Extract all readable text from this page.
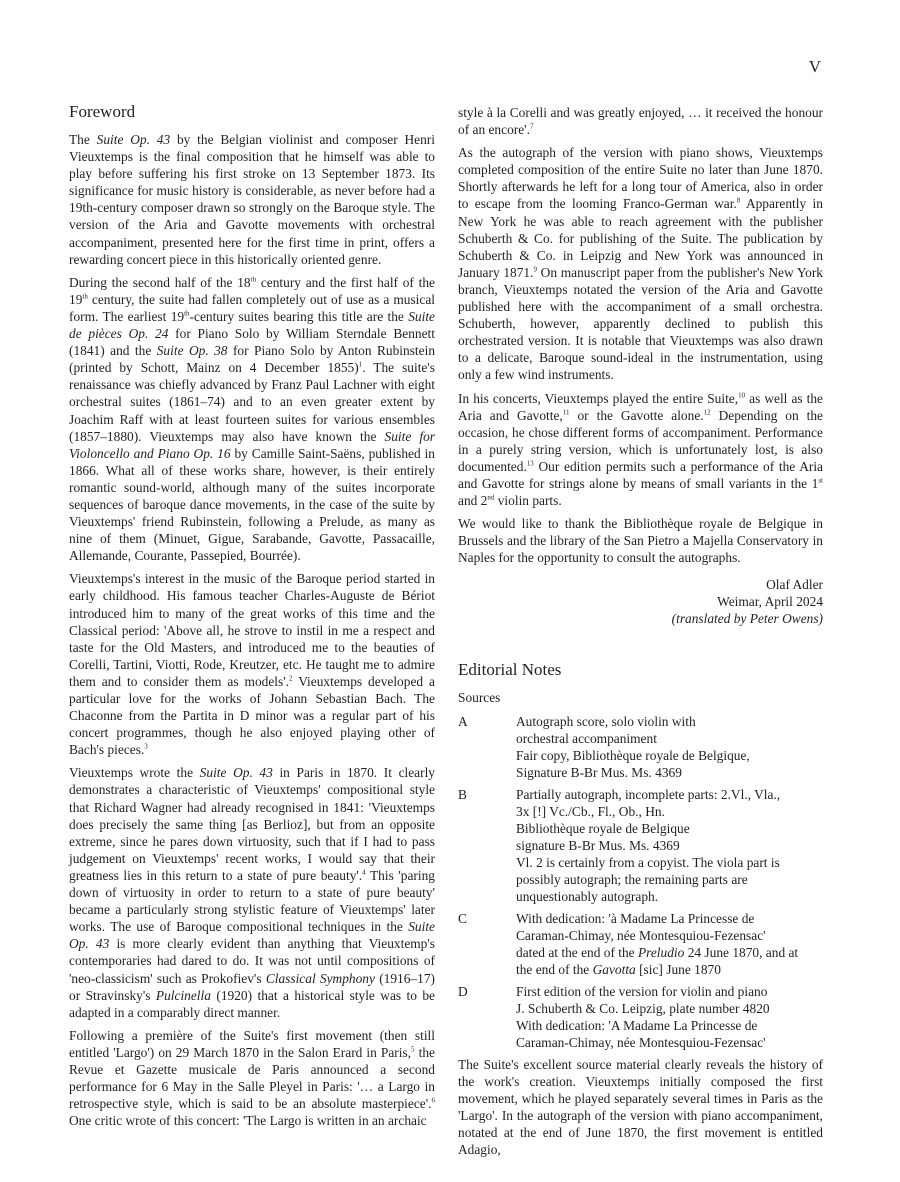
V
Foreword

The Suite Op. 43 by the Belgian violinist and composer Henri Vieuxtemps is the final composition that he himself was able to play before suffering his first stroke on 13 September 1873. Its significance for music history is considerable, as never before had a 19th-century composer drawn so strongly on the Baroque style. The version of the Aria and Gavotte movements with orchestral accompaniment, presented here for the first time in print, offers a rewarding concert piece in this historically oriented genre.

During the second half of the 18th century and the first half of the 19th century, the suite had fallen completely out of use as a musical form. The earliest 19th-century suites bearing this title are the Suite de pièces Op. 24 for Piano Solo by William Sterndale Bennett (1841) and the Suite Op. 38 for Piano Solo by Anton Rubinstein (printed by Schott, Mainz on 4 December 1855)$^1$. The suite's renaissance was chiefly advanced by Franz Paul Lachner with eight orchestral suites (1861–74) and to an even greater extent by Joachim Raff with at least fourteen suites for various ensembles (1857–1880). Vieuxtemps may also have known the Suite for Violoncello and Piano Op. 16 by Camille Saint-Saëns, published in 1866. What all of these works share, however, is their entirely romantic sound-world, although many of the suites incorporate sequences of baroque dance movements, in the case of the suite by Vieuxtemps' friend Rubinstein, following a Prelude, as many as nine of them (Minuet, Gigue, Sarabande, Gavotte, Passacaille, Allemande, Courante, Passepied, Bourrée).

Vieuxtemps's interest in the music of the Baroque period started in early childhood. His famous teacher Charles-Auguste de Bériot introduced him to many of the great works of this time and the Classical period: 'Above all, he strove to instil in me a respect and taste for the Old Masters, and introduced me to the beauties of Corelli, Tartini, Viotti, Rode, Kreutzer, etc. He taught me to admire them and to consider them as models'.$^2$ Vieuxtemps developed a particular love for the works of Johann Sebastian Bach. The Chaconne from the Partita in D minor was a regular part of his concert programmes, though he also enjoyed playing other of Bach's pieces.$^3$

Vieuxtemps wrote the Suite Op. 43 in Paris in 1870. It clearly demonstrates a characteristic of Vieuxtemps' compositional style that Richard Wagner had already recognised in 1841: 'Vieuxtemps does precisely the same thing [as Berlioz], but from an opposite extreme, since he pares down virtuosity, such that if I had to pass judgement on Vieuxtemps' recent works, I would say that their greatness lies in this return to a state of pure beauty'.$^4$ This 'paring down of virtuosity in order to return to a state of pure beauty' became a particularly strong stylistic feature of Vieuxtemps' later works. The use of Baroque compositional techniques in the Suite Op. 43 is more clearly evident than anything that Vieuxtemp's contemporaries had dared to do. It was not until compositions of 'neo-classicism' such as Prokofiev's Classical Symphony (1916–17) or Stravinsky's Pulcinella (1920) that a historical style was to be adapted in a comparably direct manner.

Following a première of the Suite's first movement (then still entitled 'Largo') on 29 March 1870 in the Salon Erard in Paris,$^5$ the Revue et Gazette musicale de Paris announced a second performance for 6 May in the Salle Pleyel in Paris: '… a Largo in retrospective style, which is said to be an absolute masterpiece'.$^6$ One critic wrote of this concert: 'The Largo is written in an archaic

style à la Corelli and was greatly enjoyed, … it received the honour of an encore'.$^7$

As the autograph of the version with piano shows, Vieuxtemps completed composition of the entire Suite no later than June 1870. Shortly afterwards he left for a long tour of America, also in order to escape from the looming Franco-German war.$^8$ Apparently in New York he was able to reach agreement with the publisher Schuberth & Co. for publishing of the Suite. The publication by Schuberth & Co. in Leipzig and New York was announced in January 1871.$^9$ On manuscript paper from the publisher's New York branch, Vieuxtemps notated the version of the Aria and Gavotte published here with the accompaniment of a small orchestra. Schuberth, however, apparently declined to publish this orchestrated version. It is notable that Vieuxtemps was also drawn to a delicate, Baroque sound-ideal in the instrumentation, using only a few wind instruments.

In his concerts, Vieuxtemps played the entire Suite,$^{10}$ as well as the Aria and Gavotte,$^{11}$ or the Gavotte alone.$^{12}$ Depending on the occasion, he chose different forms of accompaniment. Performance in a purely string version, which is unfortunately lost, is also documented.$^{13}$ Our edition permits such a performance of the Aria and Gavotte for strings alone by means of small variants in the 1st and 2nd violin parts.

We would like to thank the Bibliothèque royale de Belgique in Brussels and the library of the San Pietro a Majella Conservatory in Naples for the opportunity to consult the autographs.

Olaf Adler
Weimar, April 2024
(translated by Peter Owens)
Editorial Notes

Sources

A	Autograph score, solo violin with
orchestral accompaniment
Fair copy, Bibliothèque royale de Belgique,
Signature B-Br Mus. Ms. 4369
B	Partially autograph, incomplete parts: 2.Vl., Vla.,
3x [!] Vc./Cb., Fl., Ob., Hn.
Bibliothèque royale de Belgique
signature B-Br Mus. Ms. 4369
Vl. 2 is certainly from a copyist. The viola part is
possibly autograph; the remaining parts are
unquestionably autograph.
C	With dedication: 'à Madame La Princesse de
Caraman-Chimay, née Montesquiou-Fezensac'
dated at the end of the Preludio 24 June 1870, and at
the end of the Gavotta [sic] June 1870
D	First edition of the version for violin and piano
J. Schuberth & Co. Leipzig, plate number 4820
With dedication: 'A Madame La Princesse de
Caraman-Chimay, née Montesquiou-Fezensac'

The Suite's excellent source material clearly reveals the history of the work's creation. Vieuxtemps initially composed the first movement, which he played separately several times in Paris as the 'Largo'. In the autograph of the version with piano accompaniment, notated at the end of June 1870, the first movement is entitled Adagio,
